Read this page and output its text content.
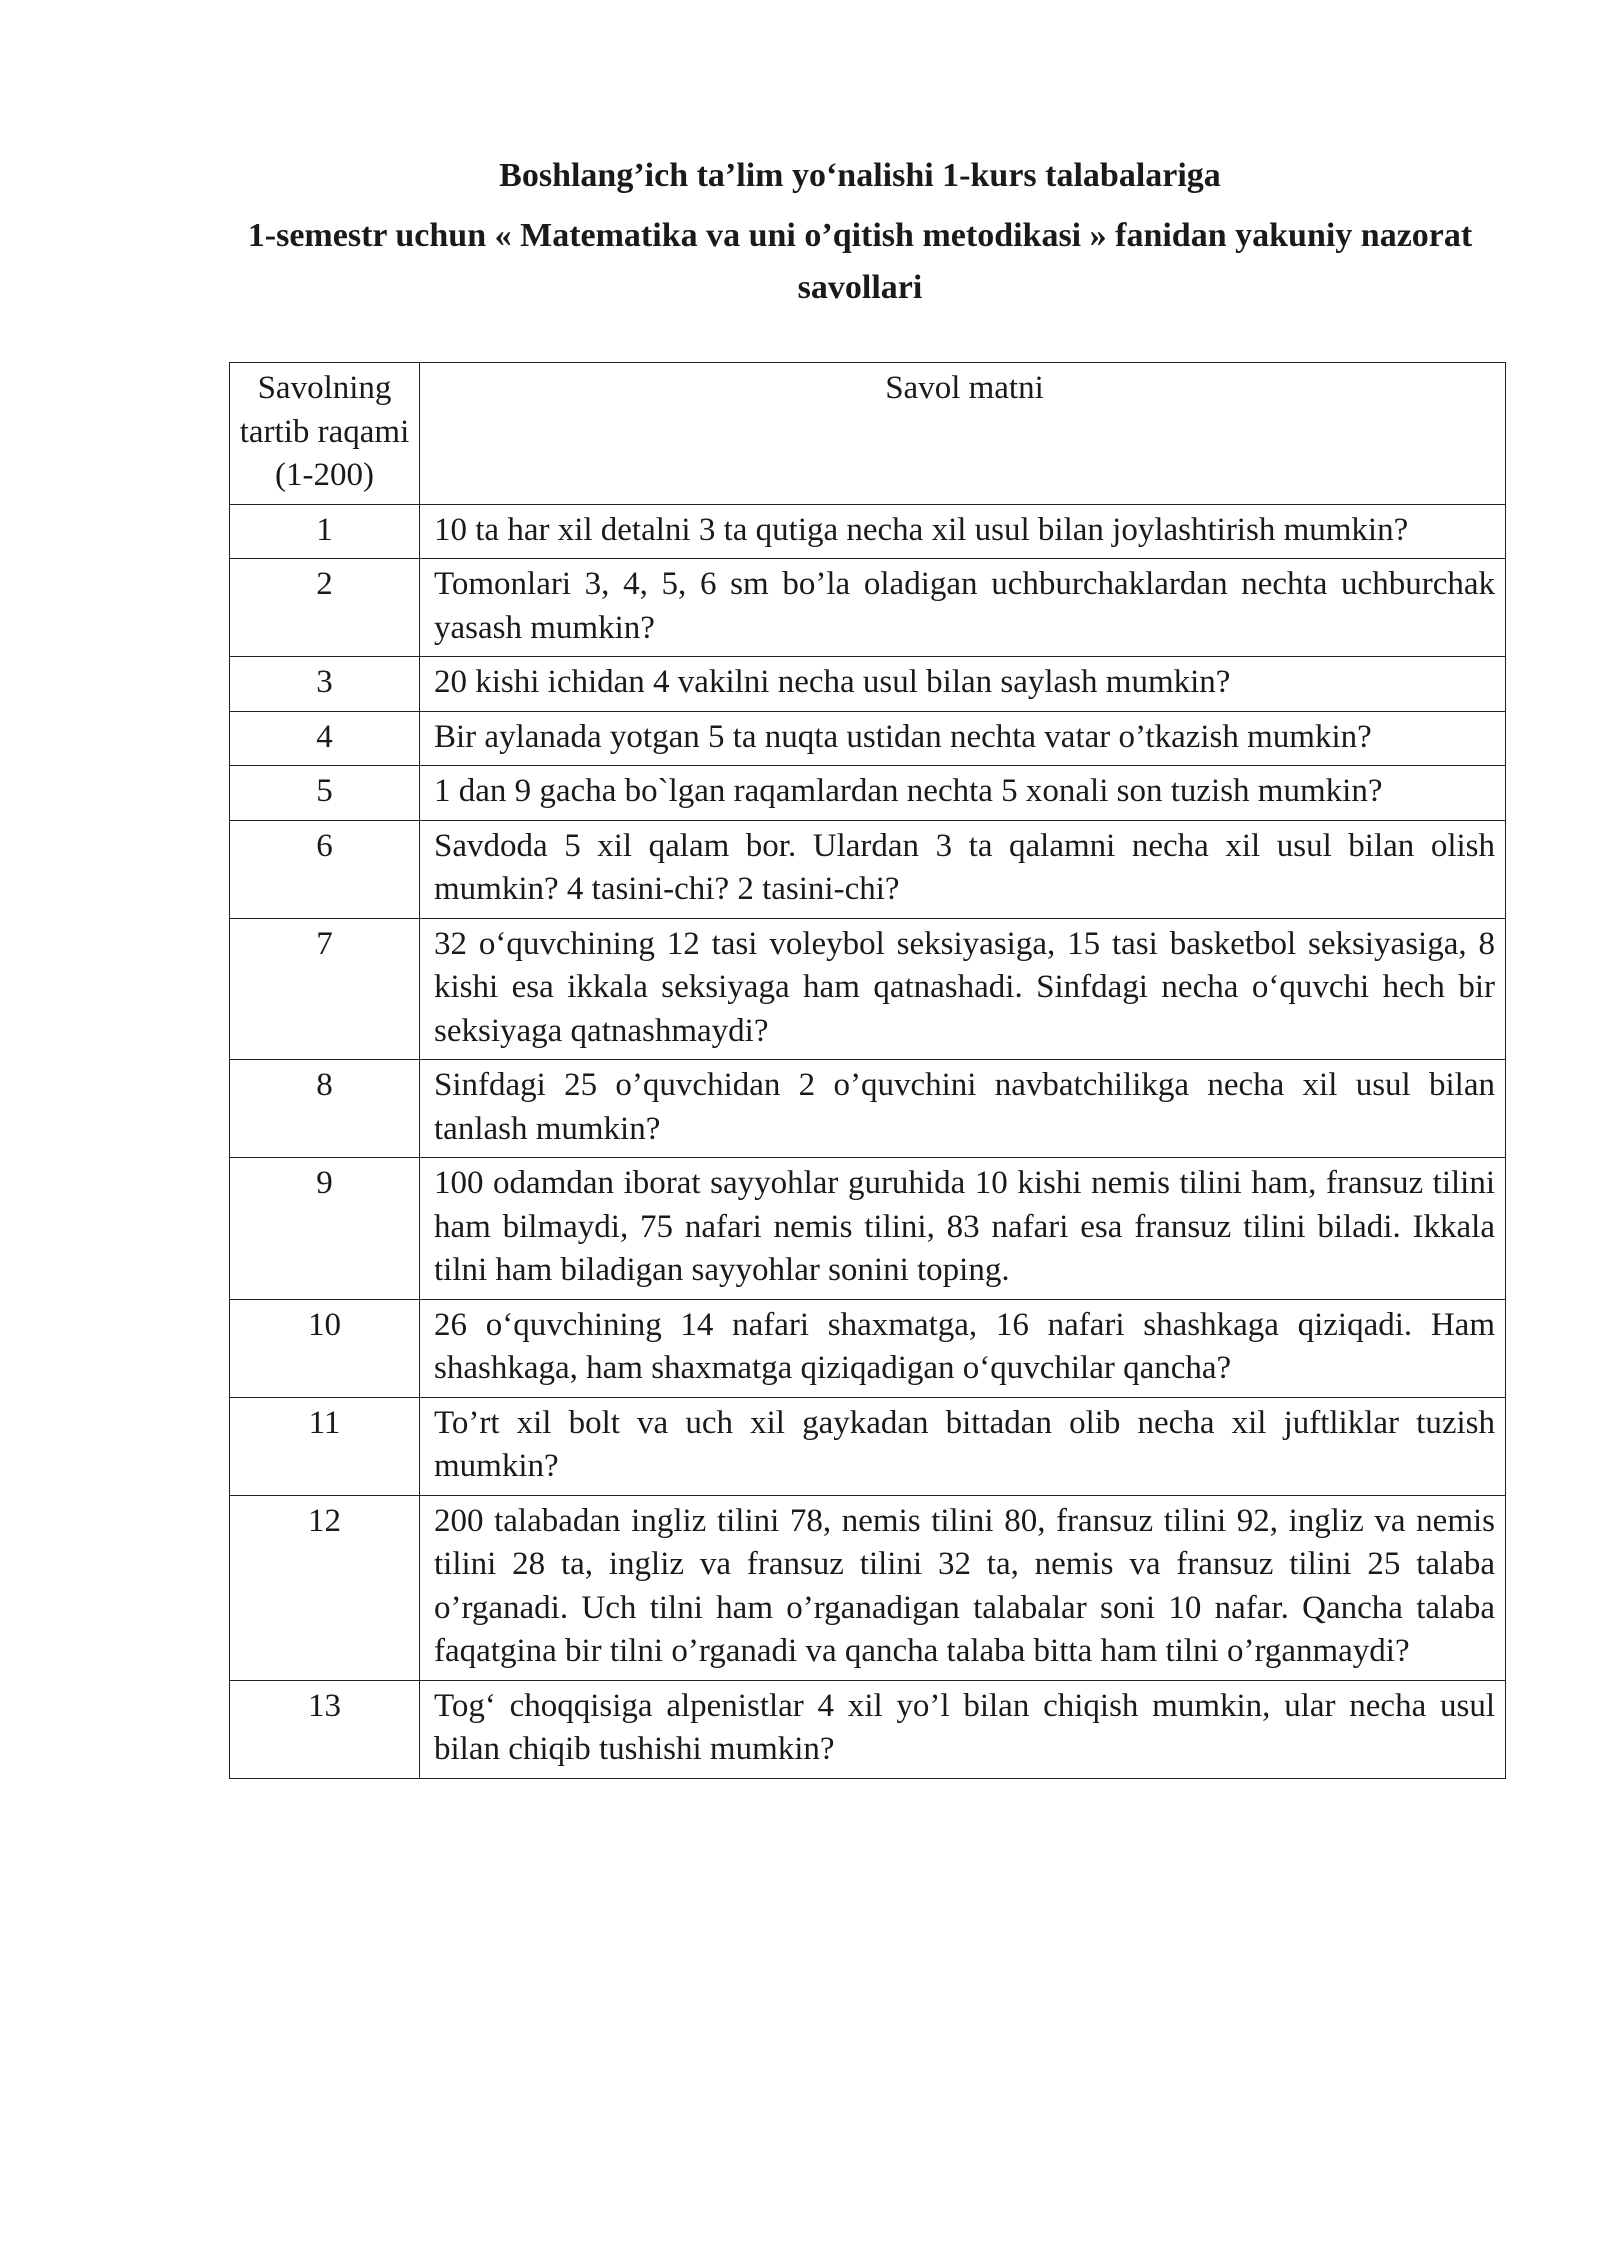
Boshlang’ich ta’lim yo‘nalishi 1-kurs talabalariga
1-semestr uchun « Matematika va uni o’qitish metodikasi » fanidan yakuniy nazorat savollari
Savolning tartib raqami (1-200)	Savol matni
1	10 ta har xil detalni 3 ta qutiga necha xil usul bilan joylashtirish mumkin?
2	Tomonlari 3, 4, 5, 6 sm bo’la oladigan uchburchaklardan nechta uchburchak yasash mumkin?
3	20 kishi ichidan 4 vakilni necha usul bilan saylash mumkin?
4	Bir aylanada yotgan 5 ta nuqta ustidan nechta vatar o’tkazish mumkin?
5	1 dan 9 gacha bo`lgan raqamlardan nechta 5 xonali son tuzish mumkin?
6	Savdoda 5 xil qalam bor. Ulardan 3 ta qalamni necha xil usul bilan olish mumkin? 4 tasini-chi? 2 tasini-chi?
7	32 o‘quvchining 12 tasi voleybol seksiyasiga, 15 tasi basketbol seksiyasiga, 8 kishi esa ikkala seksiyaga ham qatnashadi. Sinfdagi necha o‘quvchi hech bir seksiyaga qatnashmaydi?
8	Sinfdagi 25 o’quvchidan 2 o’quvchini navbatchilikga necha xil usul bilan tanlash mumkin?
9	100 odamdan iborat sayyohlar guruhida 10 kishi nemis tilini ham, fransuz tilini ham bilmaydi, 75 nafari nemis tilini, 83 nafari esa fransuz tilini biladi. Ikkala tilni ham biladigan sayyohlar sonini toping.
10	26 o‘quvchining 14 nafari shaxmatga, 16 nafari shashkaga qiziqadi. Ham shashkaga, ham shaxmatga qiziqadigan o‘quvchilar qancha?
11	To’rt xil bolt va uch xil gaykadan bittadan olib necha xil juftliklar tuzish mumkin?
12	200 talabadan ingliz tilini 78, nemis tilini 80, fransuz tilini 92, ingliz va nemis tilini 28 ta, ingliz va fransuz tilini 32 ta, nemis va fransuz tilini 25 talaba o’rganadi. Uch tilni ham o’rganadigan talabalar soni 10 nafar. Qancha talaba faqatgina bir tilni o’rganadi va qancha talaba bitta ham tilni o’rganmaydi?
13	Tog‘ choqqisiga alpenistlar 4 xil yo’l bilan chiqish mumkin, ular necha usul bilan chiqib tushishi mumkin?
